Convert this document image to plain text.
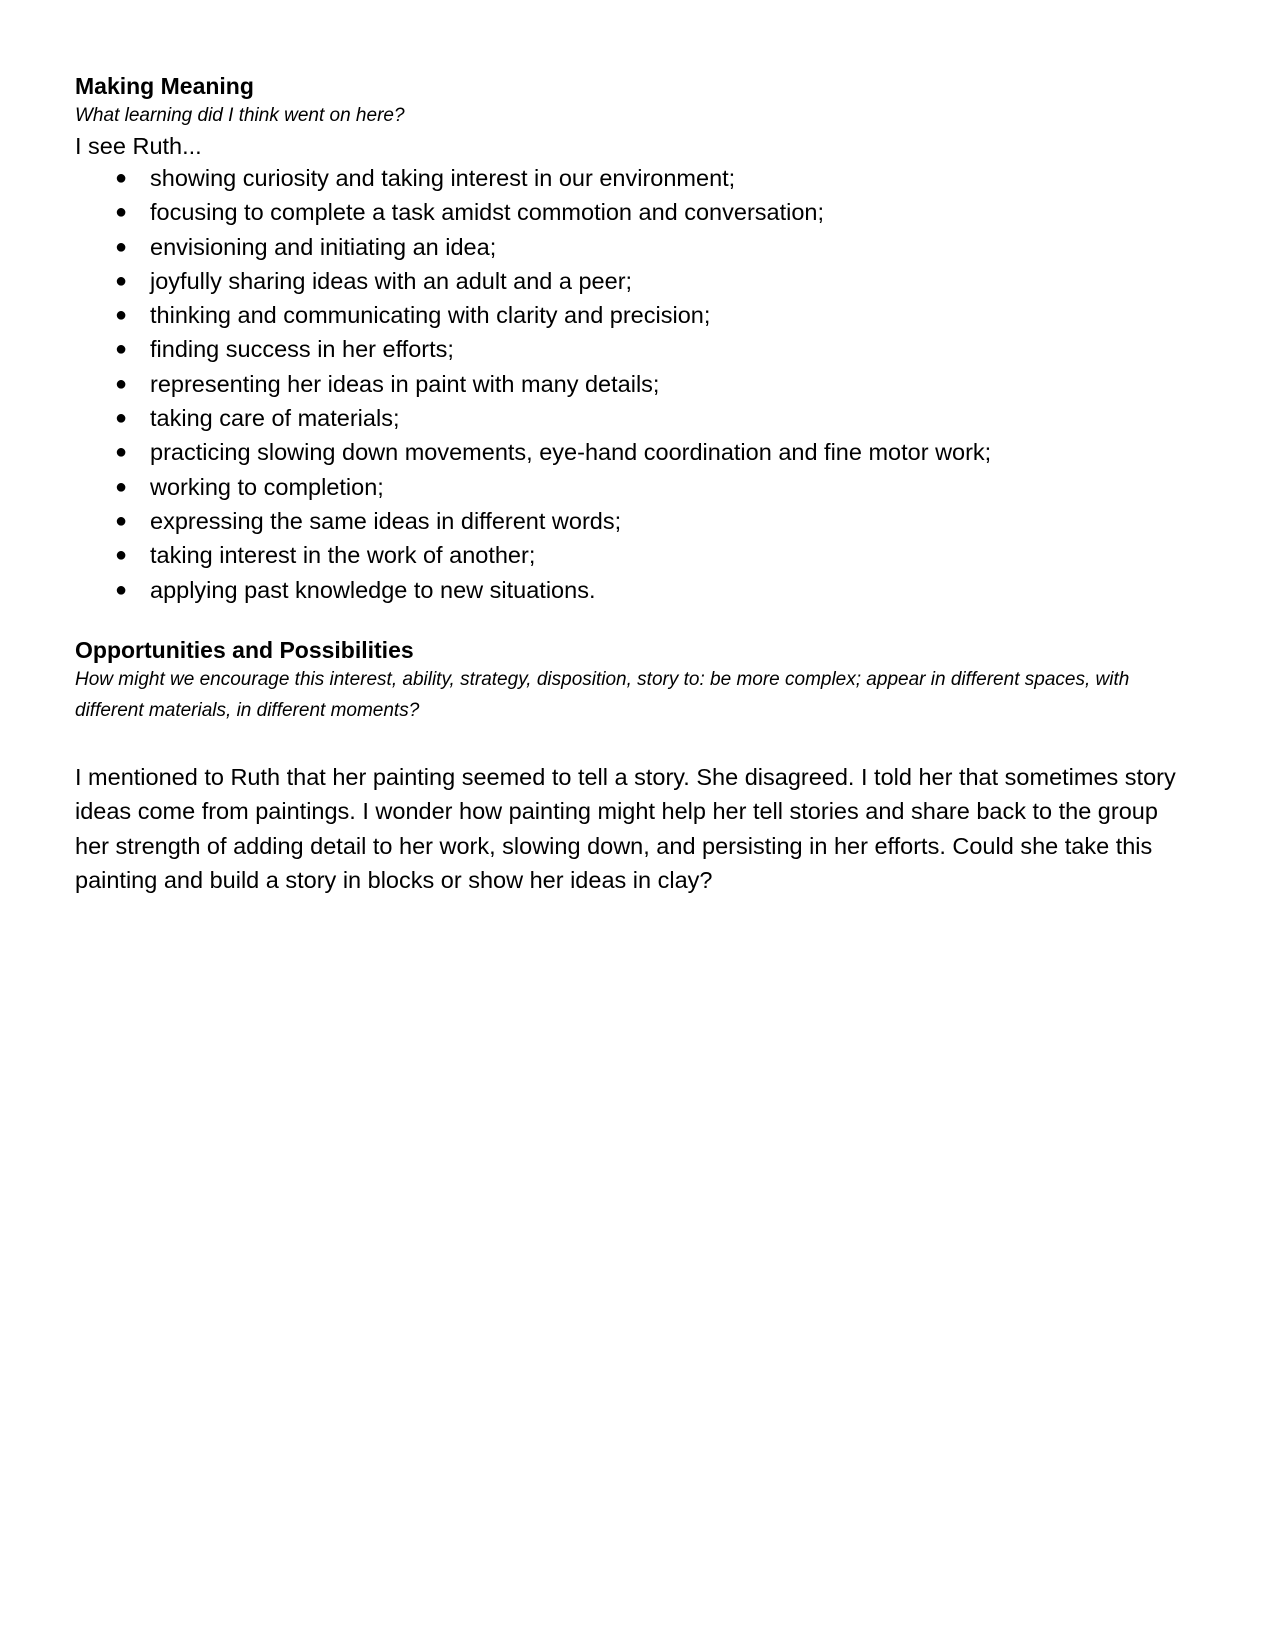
Making Meaning

What learning did I think went on here?

I see Ruth...

● showing curiosity and taking interest in our environment;
● focusing to complete a task amidst commotion and conversation;
● envisioning and initiating an idea;
● joyfully sharing ideas with an adult and a peer;
● thinking and communicating with clarity and precision;
● finding success in her efforts;
● representing her ideas in paint with many details;
● taking care of materials;
● practicing slowing down movements, eye-hand coordination and fine motor work;
● working to completion;
● expressing the same ideas in different words;
● taking interest in the work of another;
● applying past knowledge to new situations.
Opportunities and Possibilities

How might we encourage this interest, ability, strategy, disposition, story to: be more complex; appear in different spaces, with different materials, in different moments?

I mentioned to Ruth that her painting seemed to tell a story. She disagreed. I told her that sometimes story ideas come from paintings. I wonder how painting might help her tell stories and share back to the group her strength of adding detail to her work, slowing down, and persisting in her efforts. Could she take this painting and build a story in blocks or show her ideas in clay?
